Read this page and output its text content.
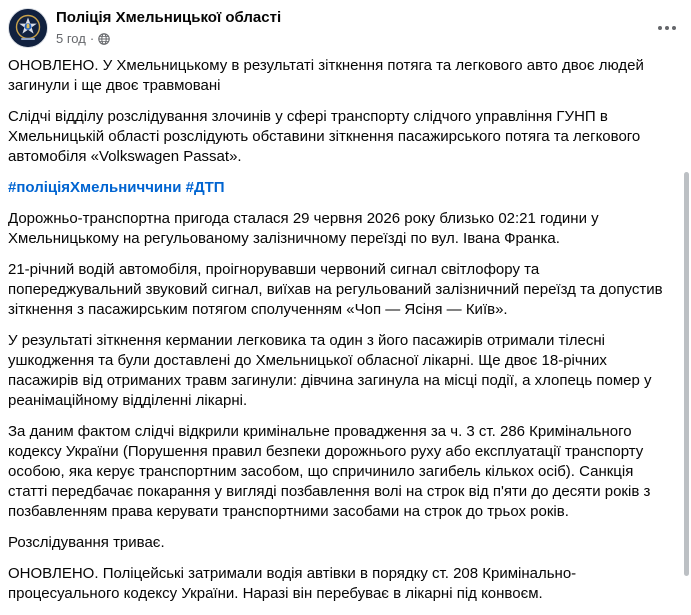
Поліція Хмельницької області
5 год ·

ОНОВЛЕНО. У Хмельницькому в результаті зіткнення потяга та легкового авто двоє людей загинули і ще двоє травмовані

Слідчі відділу розслідування злочинів у сфері транспорту слідчого управління ГУНП в Хмельницькій області розслідують обставини зіткнення пасажирського потяга та легкового автомобіля «Volkswagen Passat».

#поліціяХмельниччини #ДТП

Дорожньо-транспортна пригода сталася 29 червня 2026 року близько 02:21 години у Хмельницькому на регульованому залізничному переїзді по вул. Івана Франка.

21-річний водій автомобіля, проігнорувавши червоний сигнал світлофору та попереджувальний звуковий сигнал, виїхав на регульований залізничний переїзд та допустив зіткнення з пасажирським потягом сполученням «Чоп — Ясіня — Київ».

У результаті зіткнення кермании легковика та один з його пасажирів отримали тілесні ушкодження та були доставлені до Хмельницької обласної лікарні. Ще двоє 18-річних пасажирів від отриманих травм загинули: дівчина загинула на місці події, а хлопець помер у реанімаційному відділенні лікарні.

За даним фактом слідчі відкрили кримінальне провадження за ч. 3 ст. 286 Кримінального кодексу України (Порушення правил безпеки дорожнього руху або експлуатації транспорту особою, яка керує транспортним засобом, що спричинило загибель кількох осіб). Санкція статті передбачає покарання у вигляді позбавлення волі на строк від п'яти до десяти років з позбавленням права керувати транспортними засобами на строк до трьох років.

Розслідування триває.

ОНОВЛЕНО. Поліцейські затримали водія автівки в порядку ст. 208 Кримінально-процесуального кодексу України. Наразі він перебуває в лікарні під конвоєм.
